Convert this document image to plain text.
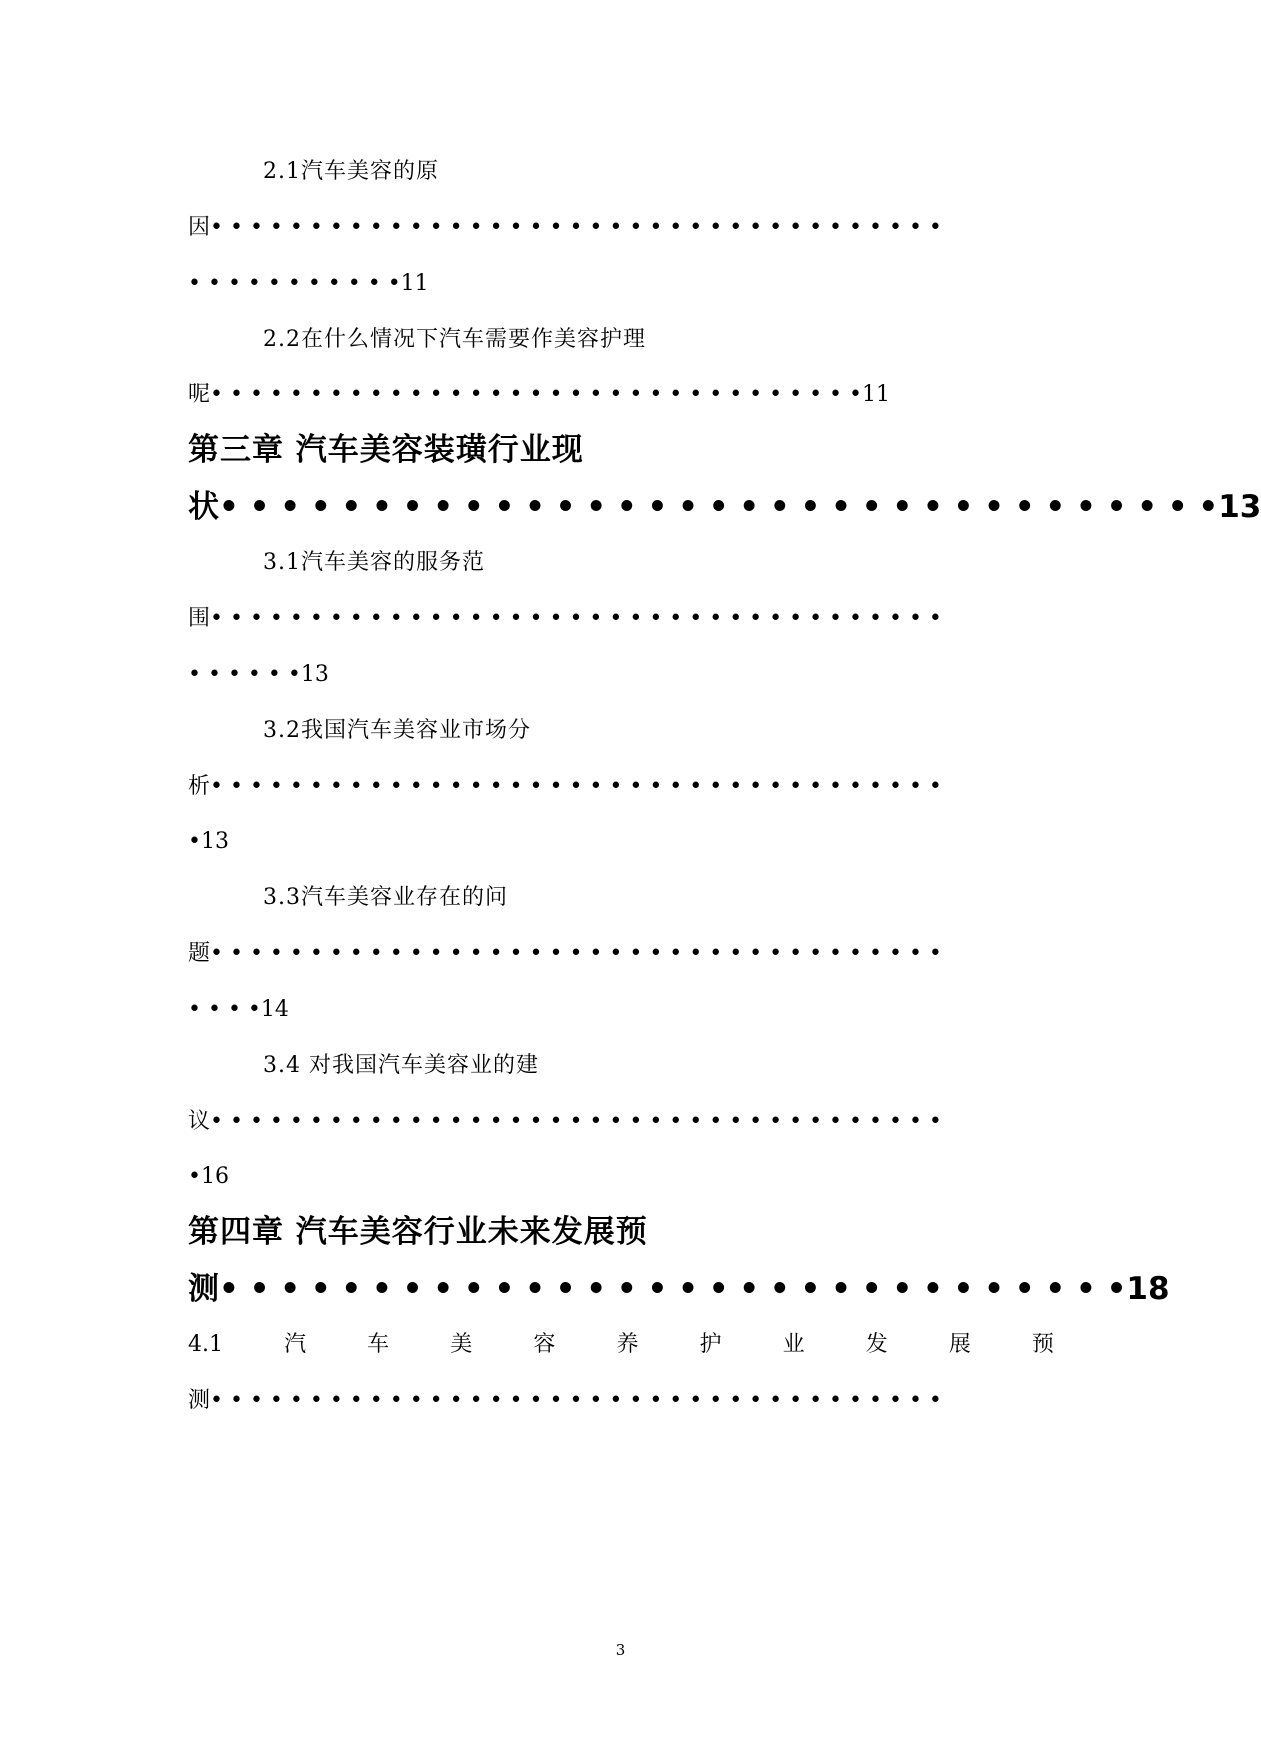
2.1汽车美容的原
因• • • • • • • • • • • • • • • • • • • • • • • • • • • • • • • • • • • • •
• • • • • • • • • • •11
2.2在什么情况下汽车需要作美容护理
呢• • • • • • • • • • • • • • • • • • • • • • • • • • • • • • • • •11
第三章 汽车美容装璜行业现
状• • • • • • • • • • • • • • • • • • • • • • • • • • • • • • • • •13
3.1汽车美容的服务范
围• • • • • • • • • • • • • • • • • • • • • • • • • • • • • • • • • • • • •
• • • • • •13
3.2我国汽车美容业市场分
析• • • • • • • • • • • • • • • • • • • • • • • • • • • • • • • • • • • • •
•13
3.3汽车美容业存在的问
题• • • • • • • • • • • • • • • • • • • • • • • • • • • • • • • • • • • • •
• • • •14
3.4 对我国汽车美容业的建
议• • • • • • • • • • • • • • • • • • • • • • • • • • • • • • • • • • • • •
•16
第四章 汽车美容行业未来发展预
测• • • • • • • • • • • • • • • • • • • • • • • • • • • • • •18
4.1	汽	车	美	容	养	护	业	发	展	预
测• • • • • • • • • • • • • • • • • • • • • • • • • • • • • • • • • • • • •
3
